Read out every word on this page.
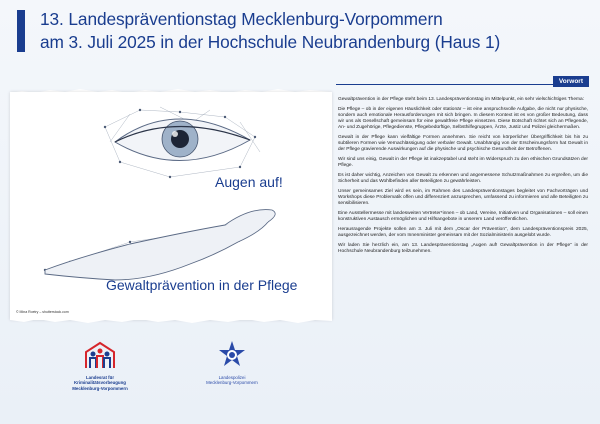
13. Landespräventionstag Mecklenburg-Vorpommern
am 3. Juli 2025 in der Hochschule Neubrandenburg (Haus 1)
Augen auf!
Gewaltprävention in der Pflege
© Mina Roetry – shutterstock.com
Landesrat für
Kriminalitätsvorbeugung
Mecklenburg-Vorpommern
Landespolizei
Mecklenburg-Vorpommern
Vorwort

Gewaltprävention in der Pflege steht beim 13. Landespräventionstag im Mittelpunkt, ein sehr vielschichtiges Thema:

Die Pflege – ob in der eigenen Häuslichkeit oder stationär – ist eine anspruchsvolle Aufgabe, die nicht nur physische, sondern auch emotionale Herausforderungen mit sich bringen. In diesem Kontext ist es von großer Bedeutung, dass wir uns als Gesellschaft gemeinsam für eine gewaltfreie Pflege einsetzen. Diese Botschaft richtet sich an Pflegende, An- und Zugehörige, Pflegedienste, Pflegebedürftige, Selbsthilfegruppen, Ärzte, Justiz und Polizei gleichermaßen.

Gewalt in der Pflege kann vielfältige Formen annehmen. Sie reicht von körperlicher Übergriffichkeit bis hin zu subtileren Formen wie Vernachlässigung oder verbaler Gewalt. Unabhängig von der Erscheinungsform hat Gewalt in der Pflege gravierende Auswirkungen auf die physische und psychische Gesundheit der Betroffenen.

Wir sind uns einig, Gewalt in der Pflege ist inakzeptabel und steht im Widerspruch zu den ethischen Grundsätzen der Pflege.

Es ist daher wichtig, Anzeichen von Gewalt zu erkennen und angemessene Schutzmaßnahmen zu ergreifen, um die Sicherheit und das Wohlbefinden aller Beteiligten zu gewährleisten.

Unser gemeinsames Ziel wird es sein, im Rahmen des Landespräventionstages begleitet von Fachvorträgen und Workshops diese Problematik offen und differenziert anzusprechen, umfassend zu informieren und alle Beteiligten zu sensibilisieren.

Eine Ausstellermesse mit landesweiten Vertreter*innen – ob Land, Vereine, Initiativen und Organisationen – soll einen konstruktiven Austausch ermöglichen und Hilfsangebote in unserem Land veröffentlichen.

Herausragende Projekte sollen am 3. Juli mit dem „Oscar der Prävention“, dem Landespräventionspreis 2025, ausgezeichnet werden, der vom Innenminister gemeinsam mit der Sozialministerin ausgelobt wurde.

Wir laden Sie herzlich ein, am 13. Landespräventionstag „Augen auf! Gewaltprävention in der Pflege“ in der Hochschule Neubrandenburg teilzunehmen.
